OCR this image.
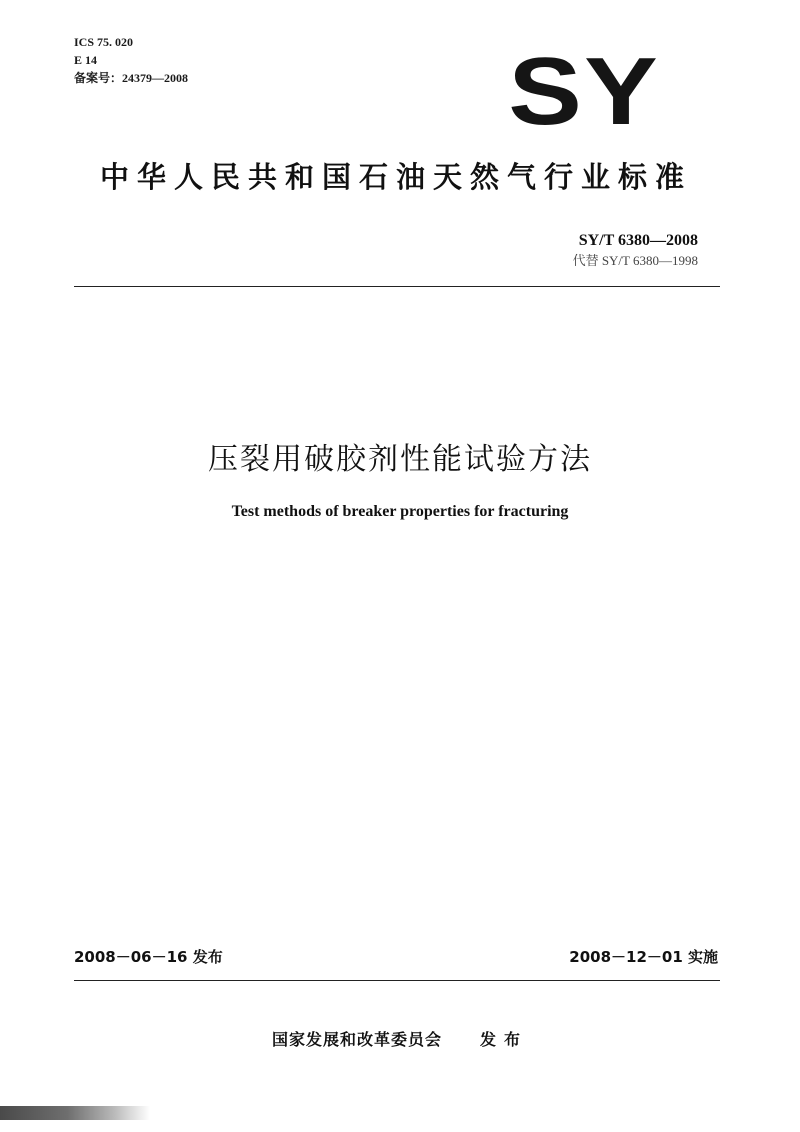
ICS 75. 020
E 14
备案号：24379—2008	SY
中华人民共和国石油天然气行业标准
SY/T 6380—2008
代替 SY/T 6380—1998
压裂用破胶剂性能试验方法
Test methods of breaker properties for fracturing
2008－06－16 发布	2008－12－01 实施
国家发展和改革委员会 发布
